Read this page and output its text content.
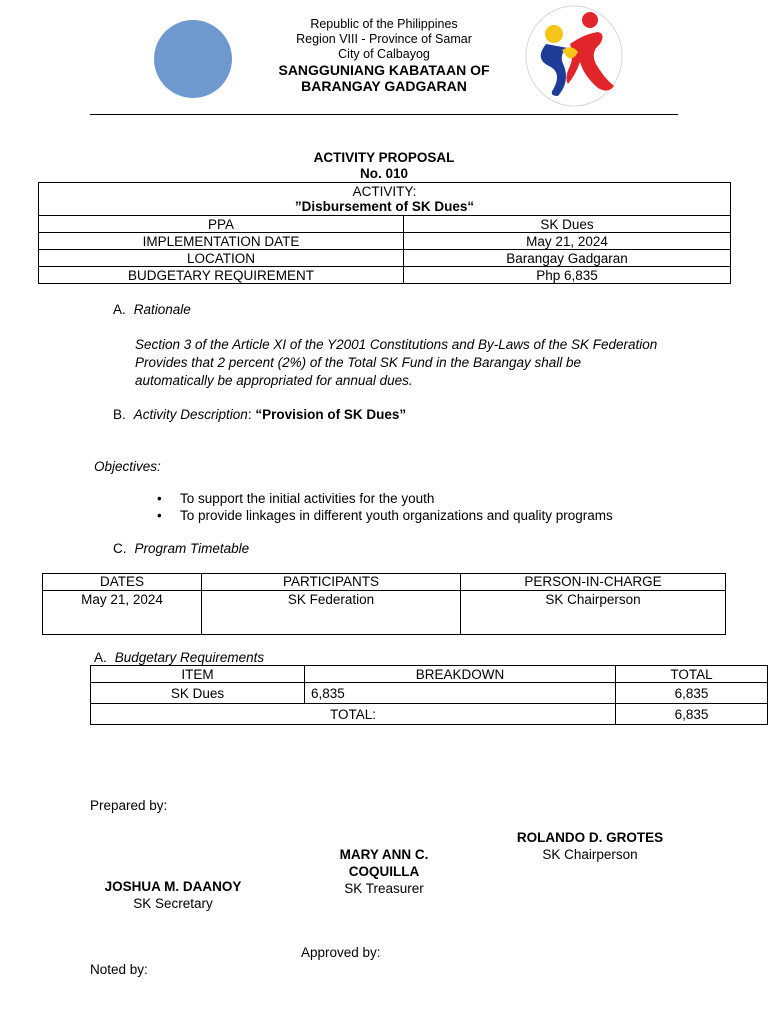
Republic of the Philippines
Region VIII - Province of Samar
City of Calbayog
SANGGUNIANG KABATAAN OF
BARANGAY GADGARAN
ACTIVITY PROPOSAL
No. 010
ACTIVITY:
”Disbursement of SK Dues“	

PPA	SK Dues
IMPLEMENTATION DATE	May 21, 2024
LOCATION	Barangay Gadgaran
BUDGETARY REQUIREMENT	Php 6,835
A. Rationale
Section 3 of the Article XI of the Y2001 Constitutions and By-Laws of the SK Federation
Provides that 2 percent (2%) of the Total SK Fund in the Barangay shall be
automatically be appropriated for annual dues.
B. Activity Description: “Provision of SK Dues”
Objectives:
•	To support the initial activities for the youth
•	To provide linkages in different youth organizations and quality programs
C. Program Timetable
DATES	PARTICIPANTS	PERSON-IN-CHARGE
May 21, 2024	SK Federation	SK Chairperson
A. Budgetary Requirements
ITEM	BREAKDOWN	TOTAL
SK Dues	6,835	6,835
TOTAL:		6,835
Prepared by:
ROLANDO D. GROTES
SK Chairperson
MARY ANN C.
COQUILLA
SK Treasurer
JOSHUA M. DAANOY
SK Secretary
Approved by:
Noted by:
